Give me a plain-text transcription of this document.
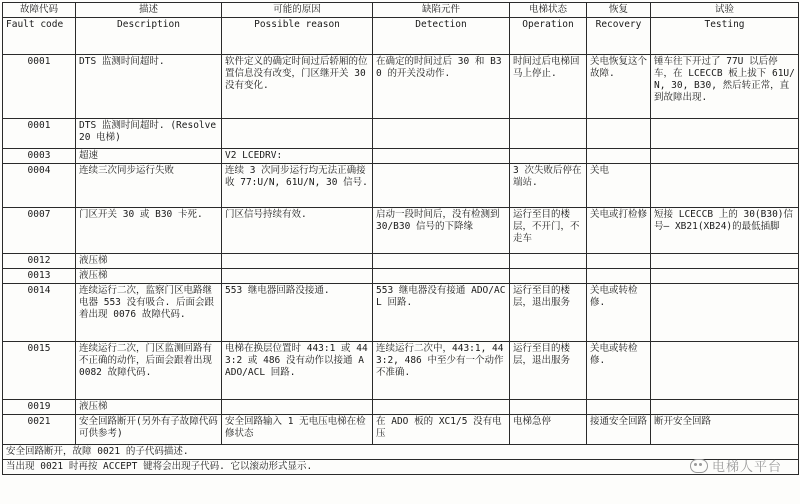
故障代码	描述	可能的原因	缺陷元件	电梯状态	恢复	试验
Fault code	Description	Possible reason	Detection	Operation	Recovery	Testing
0001	DTS 监测时间超时.	软件定义的确定时间过后轿厢的位置信息没有改变，门区继开关 30 没有变化.	在确定的时间过后 30 和 B30 的开关没动作.	时间过后电梯回马上停止.	关电恢复这个故障.	锤车往下开过了 77U 以后停车，在 LCECCB 板上拔下 61U/N, 30, B30, 然后转正常，直到故障出现.
0001	DTS 监测时间超时. (Resolve 20 电梯)					
0003	超速	V2 LCEDRV:				
0004	连续三次同步运行失败	连续 3 次同步运行均无法正确接收 77:U/N, 61U/N, 30 信号.		3 次失败后停在端站.	关电	
0007	门区开关 30 或 B30 卡死.	门区信号持续有效.	启动一段时间后，没有检测到 30/B30 信号的下降缘	运行至目的楼层，不开门，不走车	关电或打检修	短接 LCECCB 上的 30(B30)信号— XB21(XB24)的最低插脚
0012	液压梯					
0013	液压梯					
0014	连续运行二次，监察门区电路继电器 553 没有吸合. 后面会跟着出现 0076 故障代码.	553 继电器回路没接通.	553 继电器没有接通 ADO/ACL 回路.	运行至目的楼层，退出服务	关电或转检修.	
0015	连续运行二次，门区监测回路有不正确的动作，后面会跟着出现 0082 故障代码.	电梯在换层位置时 443:1 或 443:2 或 486 没有动作以接通 AADO/ACL 回路.	连续运行二次中，443:1, 443:2, 486 中至少有一个动作不准确.	运行至目的楼层，退出服务	关电或转检修.	
0019	液压梯					
0021	安全回路断开(另外有子故障代码可供参考)	安全回路输入 1 无电压电梯在检修状态	在 ADO 板的 XC1/5 没有电压	电梯急停	接通安全回路	断开安全回路
安全回路断开，故障 0021 的子代码描述.						
当出现 0021 时再按 ACCEPT 键将会出现子代码. 它以滚动形式显示.							电梯人平台
